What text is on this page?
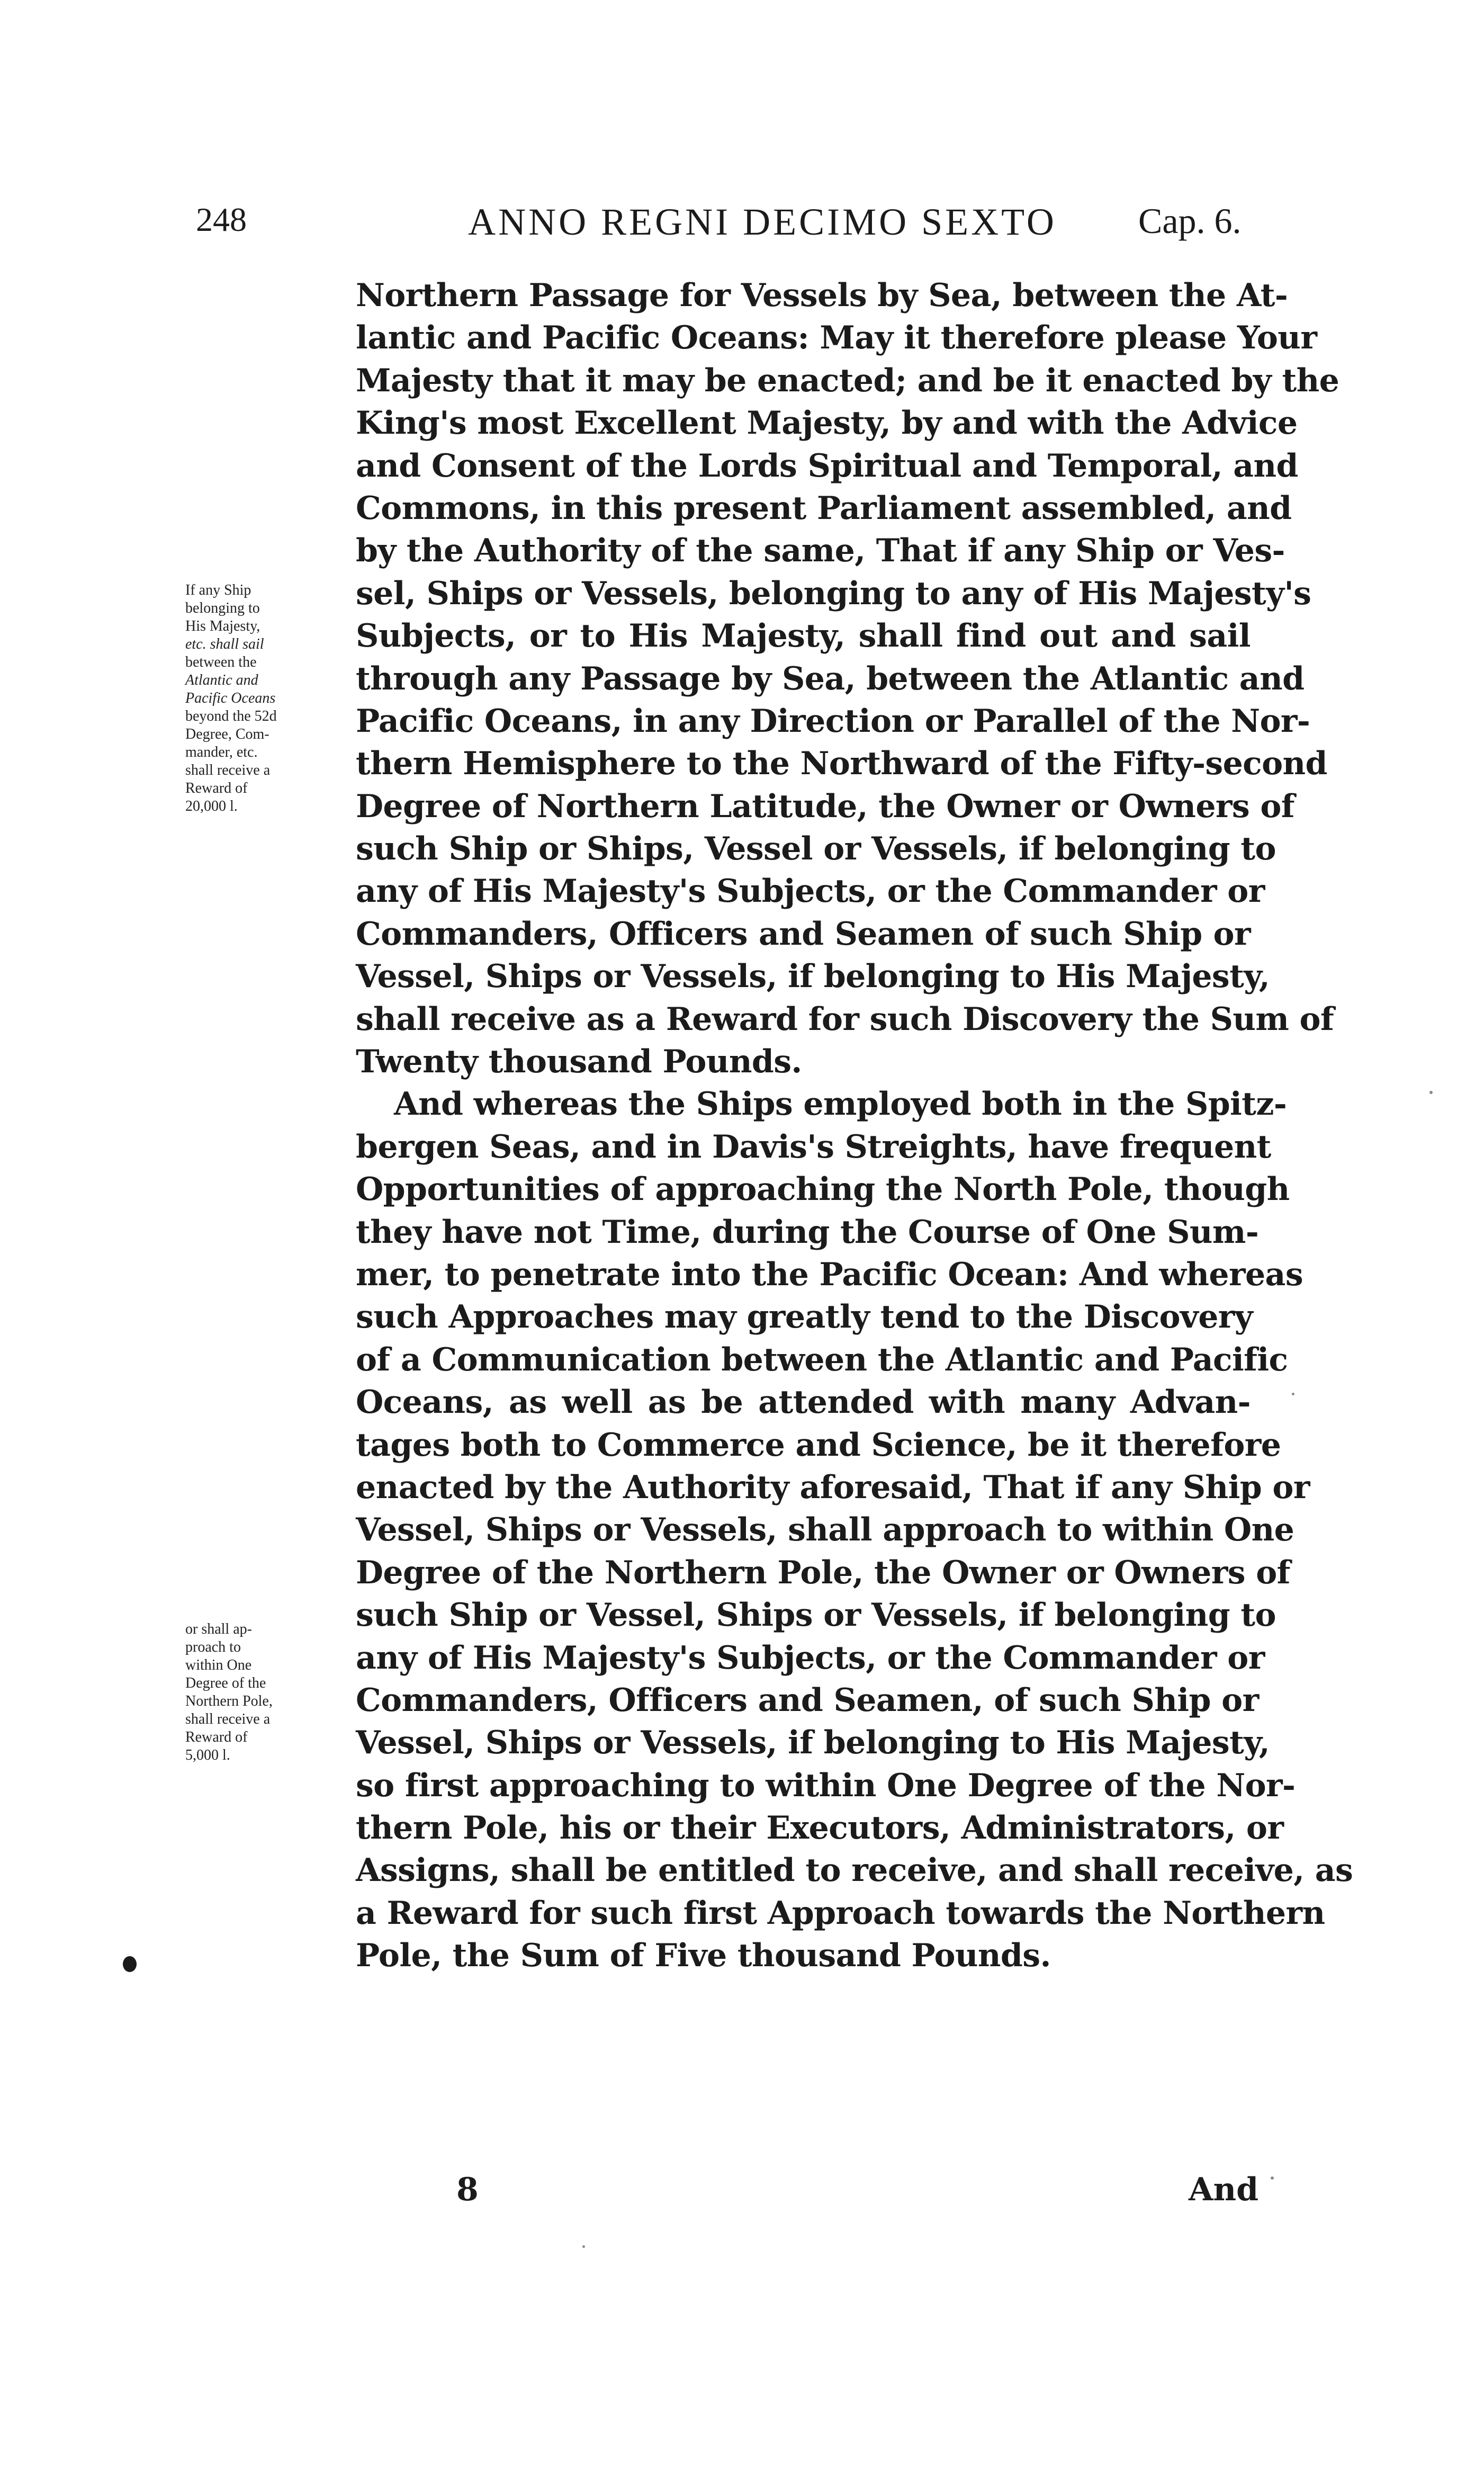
248	ANNO REGNI DECIMO SEXTO	Cap. 6.
If any Ship
belonging to
His Majesty,
etc. shall sail
between the
Atlantic and
Pacific Oceans
beyond the 52d
Degree, Com-
mander, etc.
shall receive a
Reward of
20,000 l.
or shall ap-
proach to
within One
Degree of the
Northern Pole,
shall receive a
Reward of
5,000 l.
Northern Passage for Vessels by Sea, between the At-
lantic and Pacific Oceans: May it therefore please Your
Majesty that it may be enacted; and be it enacted by the
King's most Excellent Majesty, by and with the Advice
and Consent of the Lords Spiritual and Temporal, and
Commons, in this present Parliament assembled, and
by the Authority of the same, That if any Ship or Ves-
sel, Ships or Vessels, belonging to any of His Majesty's
Subjects, or to His Majesty, shall find out and sail
through any Passage by Sea, between the Atlantic and
Pacific Oceans, in any Direction or Parallel of the Nor-
thern Hemisphere to the Northward of the Fifty-second
Degree of Northern Latitude, the Owner or Owners of
such Ship or Ships, Vessel or Vessels, if belonging to
any of His Majesty's Subjects, or the Commander or
Commanders, Officers and Seamen of such Ship or
Vessel, Ships or Vessels, if belonging to His Majesty,
shall receive as a Reward for such Discovery the Sum of
Twenty thousand Pounds.
And whereas the Ships employed both in the Spitz-
bergen Seas, and in Davis's Streights, have frequent
Opportunities of approaching the North Pole, though
they have not Time, during the Course of One Sum-
mer, to penetrate into the Pacific Ocean: And whereas
such Approaches may greatly tend to the Discovery
of a Communication between the Atlantic and Pacific
Oceans, as well as be attended with many Advan-
tages both to Commerce and Science, be it therefore
enacted by the Authority aforesaid, That if any Ship or
Vessel, Ships or Vessels, shall approach to within One
Degree of the Northern Pole, the Owner or Owners of
such Ship or Vessel, Ships or Vessels, if belonging to
any of His Majesty's Subjects, or the Commander or
Commanders, Officers and Seamen, of such Ship or
Vessel, Ships or Vessels, if belonging to His Majesty,
so first approaching to within One Degree of the Nor-
thern Pole, his or their Executors, Administrators, or
Assigns, shall be entitled to receive, and shall receive, as
a Reward for such first Approach towards the Northern
Pole, the Sum of Five thousand Pounds.
8	And
